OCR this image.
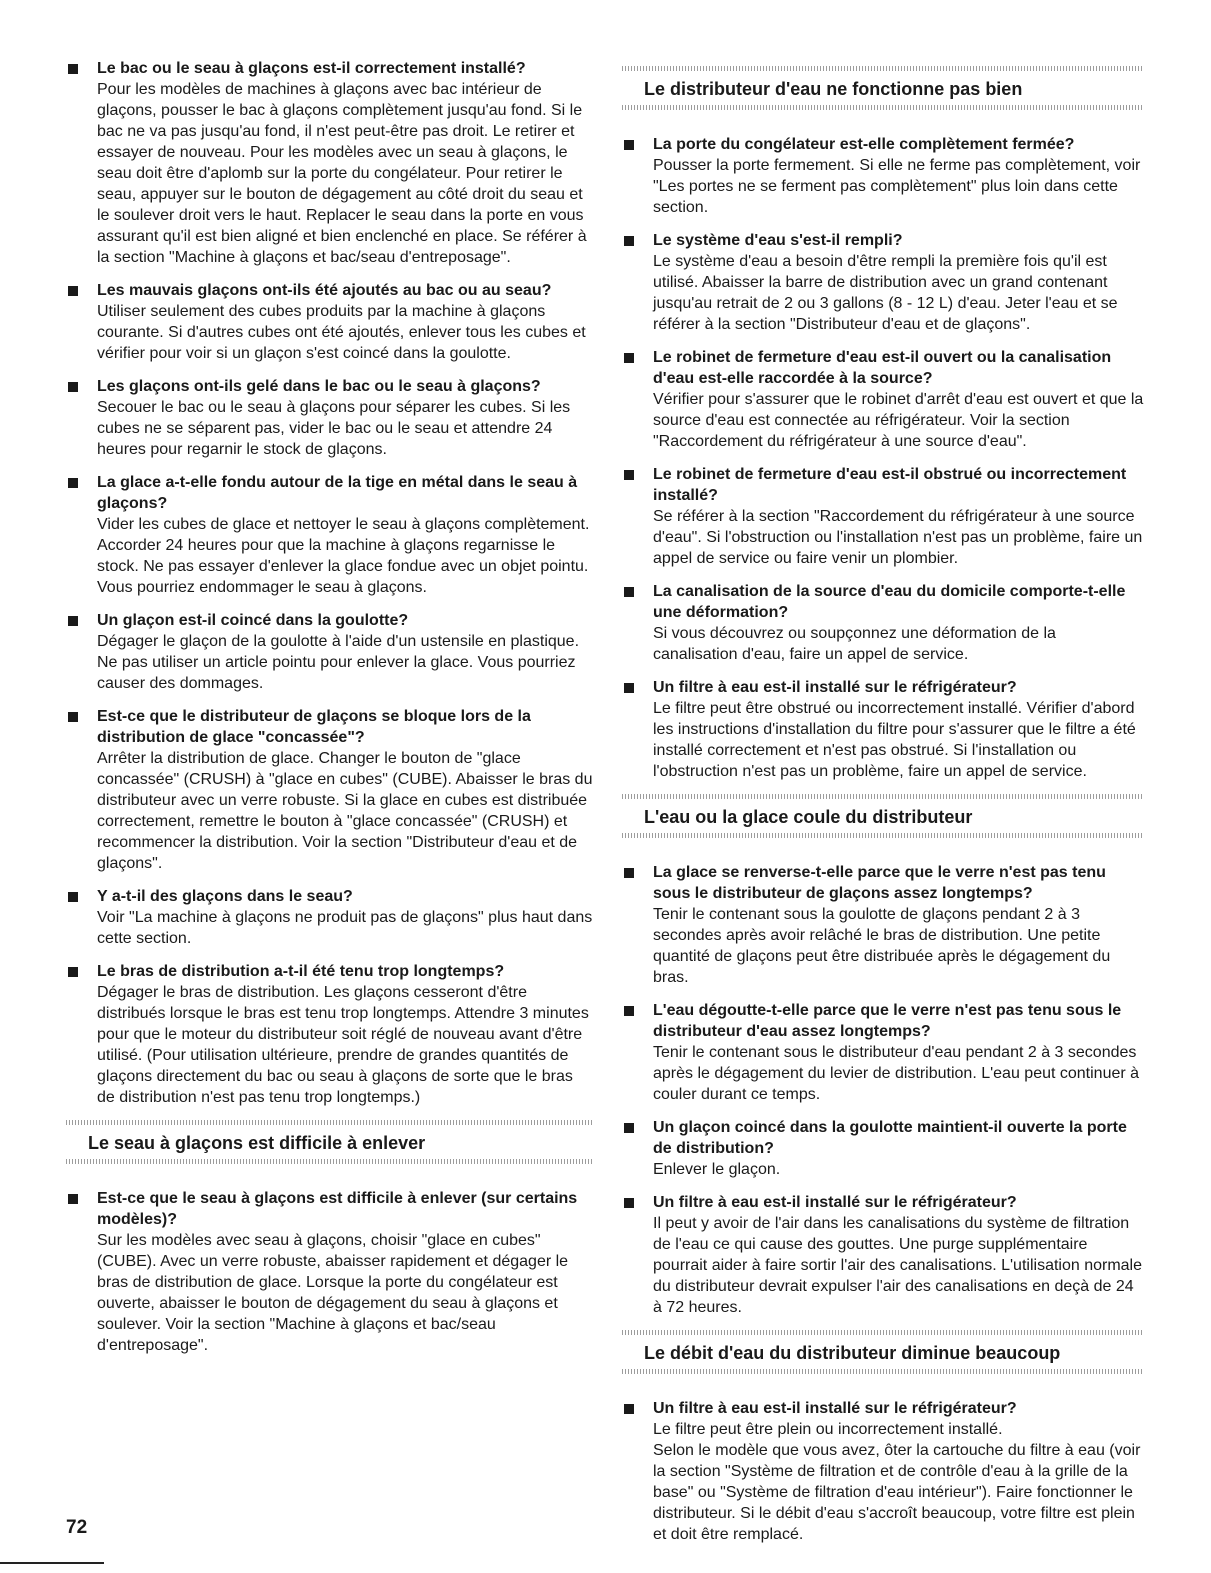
Le bac ou le seau à glaçons est-il correctement installé?

Pour les modèles de machines à glaçons avec bac intérieur de glaçons, pousser le bac à glaçons complètement jusqu'au fond. Si le bac ne va pas jusqu'au fond, il n'est peut-être pas droit. Le retirer et essayer de nouveau. Pour les modèles avec un seau à glaçons, le seau doit être d'aplomb sur la porte du congélateur. Pour retirer le seau, appuyer sur le bouton de dégagement au côté droit du seau et le soulever droit vers le haut. Replacer le seau dans la porte en vous assurant qu'il est bien aligné et bien enclenché en place. Se référer à la section "Machine à glaçons et bac/seau d'entreposage".

Les mauvais glaçons ont-ils été ajoutés au bac ou au seau?

Utiliser seulement des cubes produits par la machine à glaçons courante. Si d'autres cubes ont été ajoutés, enlever tous les cubes et vérifier pour voir si un glaçon s'est coincé dans la goulotte.

Les glaçons ont-ils gelé dans le bac ou le seau à glaçons?

Secouer le bac ou le seau à glaçons pour séparer les cubes. Si les cubes ne se séparent pas, vider le bac ou le seau et attendre 24 heures pour regarnir le stock de glaçons.

La glace a-t-elle fondu autour de la tige en métal dans le seau à glaçons?

Vider les cubes de glace et nettoyer le seau à glaçons complètement. Accorder 24 heures pour que la machine à glaçons regarnisse le stock. Ne pas essayer d'enlever la glace fondue avec un objet pointu. Vous pourriez endommager le seau à glaçons.

Un glaçon est-il coincé dans la goulotte?

Dégager le glaçon de la goulotte à l'aide d'un ustensile en plastique. Ne pas utiliser un article pointu pour enlever la glace. Vous pourriez causer des dommages.

Est-ce que le distributeur de glaçons se bloque lors de la distribution de glace "concassée"?

Arrêter la distribution de glace. Changer le bouton de "glace concassée" (CRUSH) à "glace en cubes" (CUBE). Abaisser le bras du distributeur avec un verre robuste. Si la glace en cubes est distribuée correctement, remettre le bouton à "glace concassée" (CRUSH) et recommencer la distribution. Voir la section "Distributeur d'eau et de glaçons".

Y a-t-il des glaçons dans le seau?

Voir "La machine à glaçons ne produit pas de glaçons" plus haut dans cette section.

Le bras de distribution a-t-il été tenu trop longtemps?

Dégager le bras de distribution. Les glaçons cesseront d'être distribués lorsque le bras est tenu trop longtemps. Attendre 3 minutes pour que le moteur du distributeur soit réglé de nouveau avant d'être utilisé. (Pour utilisation ultérieure, prendre de grandes quantités de glaçons directement du bac ou seau à glaçons de sorte que le bras de distribution n'est pas tenu trop longtemps.)

Le seau à glaçons est difficile à enlever

Est-ce que le seau à glaçons est difficile à enlever (sur certains modèles)?

Sur les modèles avec seau à glaçons, choisir "glace en cubes" (CUBE). Avec un verre robuste, abaisser rapidement et dégager le bras de distribution de glace. Lorsque la porte du congélateur est ouverte, abaisser le bouton de dégagement du seau à glaçons et soulever. Voir la section "Machine à glaçons et bac/seau d'entreposage".

Le distributeur d'eau ne fonctionne pas bien

La porte du congélateur est-elle complètement fermée?

Pousser la porte fermement. Si elle ne ferme pas complètement, voir "Les portes ne se ferment pas complètement" plus loin dans cette section.

Le système d'eau s'est-il rempli?

Le système d'eau a besoin d'être rempli la première fois qu'il est utilisé. Abaisser la barre de distribution avec un grand contenant jusqu'au retrait de 2 ou 3 gallons (8 - 12 L) d'eau. Jeter l'eau et se référer à la section "Distributeur d'eau et de glaçons".

Le robinet de fermeture d'eau est-il ouvert ou la canalisation d'eau est-elle raccordée à la source?

Vérifier pour s'assurer que le robinet d'arrêt d'eau est ouvert et que la source d'eau est connectée au réfrigérateur. Voir la section "Raccordement du réfrigérateur à une source d'eau".

Le robinet de fermeture d'eau est-il obstrué ou incorrectement installé?

Se référer à la section "Raccordement du réfrigérateur à une source d'eau". Si l'obstruction ou l'installation n'est pas un problème, faire un appel de service ou faire venir un plombier.

La canalisation de la source d'eau du domicile comporte-t-elle une déformation?

Si vous découvrez ou soupçonnez une déformation de la canalisation d'eau, faire un appel de service.

Un filtre à eau est-il installé sur le réfrigérateur?

Le filtre peut être obstrué ou incorrectement installé. Vérifier d'abord les instructions d'installation du filtre pour s'assurer que le filtre a été installé correctement et n'est pas obstrué. Si l'installation ou l'obstruction n'est pas un problème, faire un appel de service.

L'eau ou la glace coule du distributeur

La glace se renverse-t-elle parce que le verre n'est pas tenu sous le distributeur de glaçons assez longtemps?

Tenir le contenant sous la goulotte de glaçons pendant 2 à 3 secondes après avoir relâché le bras de distribution. Une petite quantité de glaçons peut être distribuée après le dégagement du bras.

L'eau dégoutte-t-elle parce que le verre n'est pas tenu sous le distributeur d'eau assez longtemps?

Tenir le contenant sous le distributeur d'eau pendant 2 à 3 secondes après le dégagement du levier de distribution. L'eau peut continuer à couler durant ce temps.

Un glaçon coincé dans la goulotte maintient-il ouverte la porte de distribution?

Enlever le glaçon.

Un filtre à eau est-il installé sur le réfrigérateur?

Il peut y avoir de l'air dans les canalisations du système de filtration de l'eau ce qui cause des gouttes. Une purge supplémentaire pourrait aider à faire sortir l'air des canalisations. L'utilisation normale du distributeur devrait expulser l'air des canalisations en deçà de 24 à 72 heures.

Le débit d'eau du distributeur diminue beaucoup

Un filtre à eau est-il installé sur le réfrigérateur?

Le filtre peut être plein ou incorrectement installé.

Selon le modèle que vous avez, ôter la cartouche du filtre à eau (voir la section "Système de filtration et de contrôle d'eau à la grille de la base" ou "Système de filtration d'eau intérieur"). Faire fonctionner le distributeur. Si le débit d'eau s'accroît beaucoup, votre filtre est plein et doit être remplacé.

72
